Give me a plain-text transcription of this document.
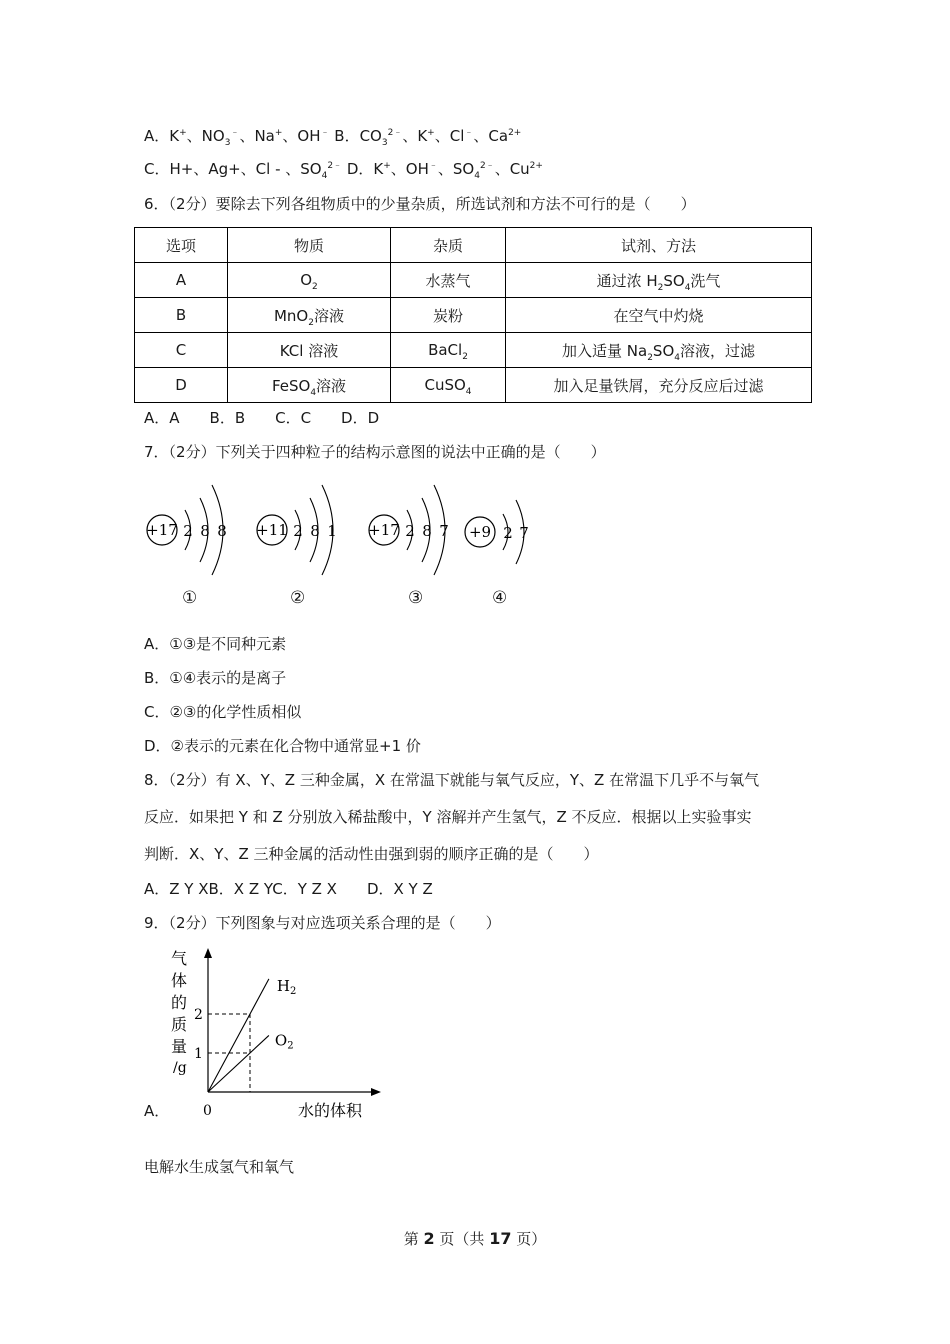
A．K+、$NO_3^﹣$、Na+、OH﹣ B．$CO_3^{2﹣}$、K+、Cl﹣、$Ca^{2+}$
C．H+、Ag+、Cl - 、$SO_4^{2﹣}$ D．K+、OH﹣、$SO_4^{2﹣}$、$Cu^{2+}$
6．（2分）要除去下列各组物质中的少量杂质，所选试剂和方法不可行的是（　　）
选项	物质	杂质	试剂、方法
A	$O_2$	水蒸气	通过浓 $H_2SO_4$洗气
B	MnO$_2$溶液	炭粉	在空气中灼烧
C	KCl 溶液	BaCl$_2$	加入适量 $Na_2SO_4$溶液，过滤
D	FeSO$_4$溶液	CuSO$_4$	加入足量铁屑，充分反应后过滤
A．A　　B．B　　C．C　　D．D
7．（2分）下列关于四种粒子的结构示意图的说法中正确的是（　　）
+17 2 8 8
①
+11 2 8 1
②
+17 2 8 7
③
+9 2 7
④
A．①③是不同种元素
B．①④表示的是离子
C．②③的化学性质相似
D．②表示的元素在化合物中通常显+1 价
8．（2分）有 X、Y、Z 三种金属，X 在常温下就能与氧气反应，Y、Z 在常温下几乎不与氧气
反应．如果把 Y 和 Z 分别放入稀盐酸中，Y 溶解并产生氢气，Z 不反应．根据以上实验事实
判断．X、Y、Z 三种金属的活动性由强到弱的顺序正确的是（　　）
A．Z Y XB．X Z YC．Y Z X　　D．X Y Z
9．（2分）下列图象与对应选项关系合理的是（　　）
A．
气
体
的
质
量
/g
0
1
2
水的体积
$H_2$
$O_2$
电解水生成氢气和氧气
第 2 页（共 17 页）
